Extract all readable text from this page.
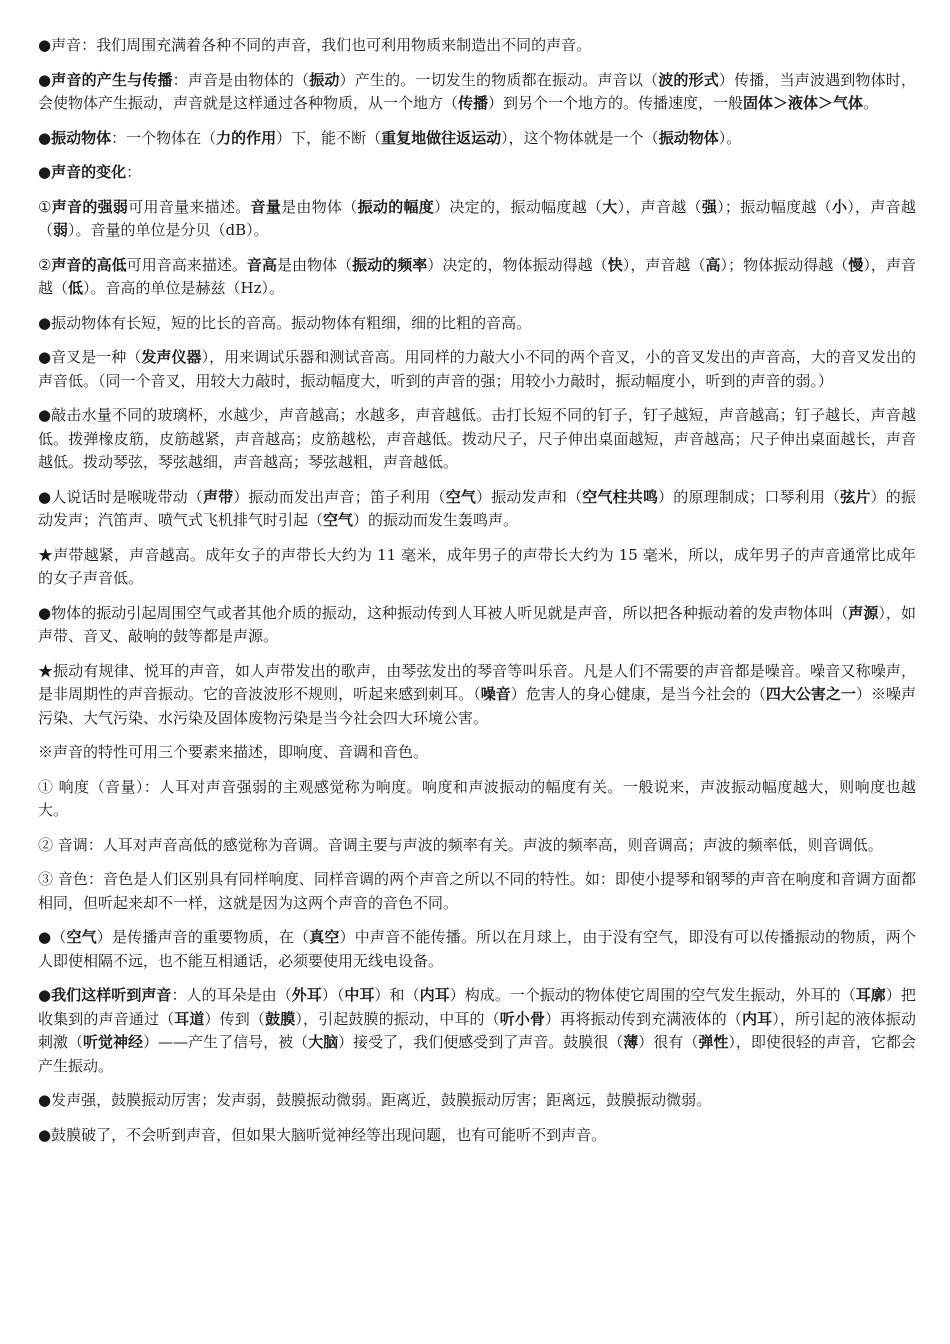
●声音：我们周围充满着各种不同的声音，我们也可利用物质来制造出不同的声音。

●声音的产生与传播：声音是由物体的（振动）产生的。一切发生的物质都在振动。声音以（波的形式）传播，当声波遇到物体时，会使物体产生振动，声音就是这样通过各种物质，从一个地方（传播）到另个一个地方的。传播速度，一般固体＞液体＞气体。

●振动物体：一个物体在（力的作用）下，能不断（重复地做往返运动），这个物体就是一个（振动物体）。

●声音的变化：

①声音的强弱可用音量来描述。音量是由物体（振动的幅度）决定的，振动幅度越（大），声音越（强）；振动幅度越（小），声音越（弱）。音量的单位是分贝（dB）。

②声音的高低可用音高来描述。音高是由物体（振动的频率）决定的，物体振动得越（快），声音越（高）；物体振动得越（慢），声音越（低）。音高的单位是赫兹（Hz）。

●振动物体有长短，短的比长的音高。振动物体有粗细，细的比粗的音高。

●音叉是一种（发声仪器），用来调试乐器和测试音高。用同样的力敲大小不同的两个音叉，小的音叉发出的声音高，大的音叉发出的声音低。（同一个音叉，用较大力敲时，振动幅度大，听到的声音的强；用较小力敲时，振动幅度小，听到的声音的弱。）

●敲击水量不同的玻璃杯，水越少，声音越高；水越多，声音越低。击打长短不同的钉子，钉子越短，声音越高；钉子越长，声音越低。拨弹橡皮筋，皮筋越紧，声音越高；皮筋越松，声音越低。拨动尺子，尺子伸出桌面越短，声音越高；尺子伸出桌面越长，声音越低。拨动琴弦，琴弦越细，声音越高；琴弦越粗，声音越低。

●人说话时是喉咙带动（声带）振动而发出声音；笛子利用（空气）振动发声和（空气柱共鸣）的原理制成；口琴利用（弦片）的振动发声；汽笛声、喷气式飞机排气时引起（空气）的振动而发生轰鸣声。

★声带越紧，声音越高。成年女子的声带长大约为 11 毫米，成年男子的声带长大约为 15 毫米，所以，成年男子的声音通常比成年的女子声音低。

●物体的振动引起周围空气或者其他介质的振动，这种振动传到人耳被人听见就是声音，所以把各种振动着的发声物体叫（声源），如声带、音叉、敲响的鼓等都是声源。

★振动有规律、悦耳的声音，如人声带发出的歌声，由琴弦发出的琴音等叫乐音。凡是人们不需要的声音都是噪音。噪音又称噪声，是非周期性的声音振动。它的音波波形不规则，听起来感到刺耳。（噪音）危害人的身心健康，是当今社会的（四大公害之一）※噪声污染、大气污染、水污染及固体废物污染是当今社会四大环境公害。

※声音的特性可用三个要素来描述，即响度、音调和音色。

① 响度（音量）：人耳对声音强弱的主观感觉称为响度。响度和声波振动的幅度有关。一般说来，声波振动幅度越大，则响度也越大。

② 音调：人耳对声音高低的感觉称为音调。音调主要与声波的频率有关。声波的频率高，则音调高；声波的频率低，则音调低。

③ 音色：音色是人们区别具有同样响度、同样音调的两个声音之所以不同的特性。如：即使小提琴和钢琴的声音在响度和音调方面都相同，但听起来却不一样，这就是因为这两个声音的音色不同。

●（空气）是传播声音的重要物质，在（真空）中声音不能传播。所以在月球上，由于没有空气，即没有可以传播振动的物质，两个人即使相隔不远，也不能互相通话，必须要使用无线电设备。

●我们这样听到声音：人的耳朵是由（外耳）（中耳）和（内耳）构成。一个振动的物体使它周围的空气发生振动，外耳的（耳廓）把收集到的声音通过（耳道）传到（鼓膜），引起鼓膜的振动，中耳的（听小骨）再将振动传到充满液体的（内耳），所引起的液体振动刺激（听觉神经）——产生了信号，被（大脑）接受了，我们便感受到了声音。鼓膜很（薄）很有（弹性），即使很轻的声音，它都会产生振动。

●发声强，鼓膜振动厉害；发声弱，鼓膜振动微弱。距离近，鼓膜振动厉害；距离远，鼓膜振动微弱。

●鼓膜破了，不会听到声音，但如果大脑听觉神经等出现问题，也有可能听不到声音。
